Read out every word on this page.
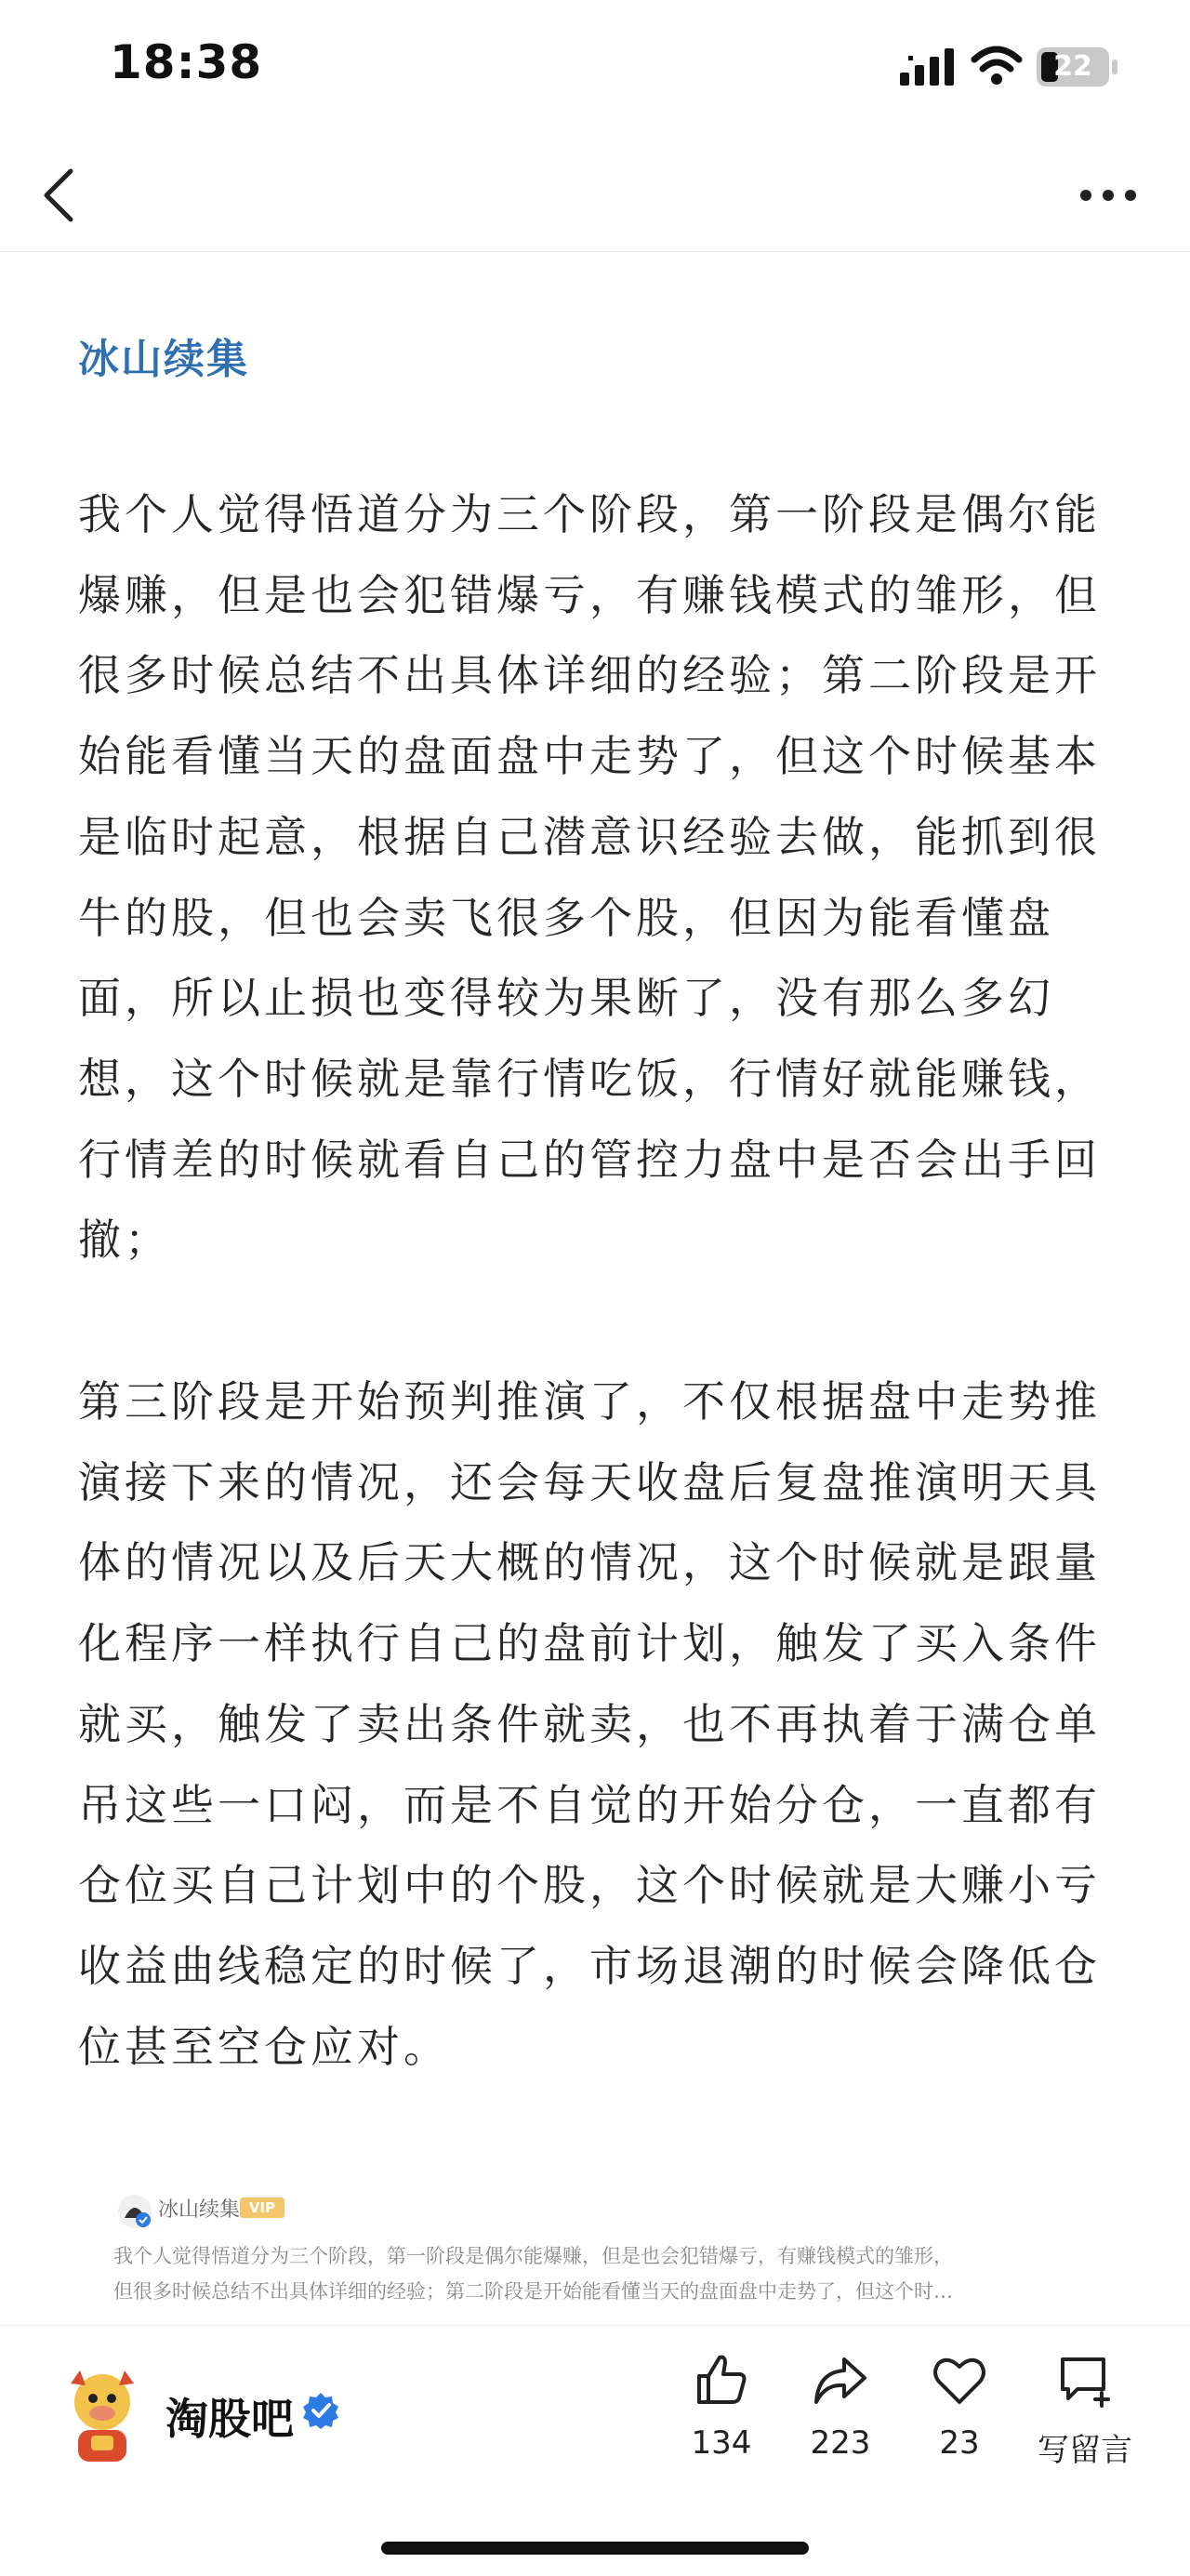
18:38	22
冰山续集

我个人觉得悟道分为三个阶段，第一阶段是偶尔能爆赚，但是也会犯错爆亏，有赚钱模式的雏形，但很多时候总结不出具体详细的经验；第二阶段是开始能看懂当天的盘面盘中走势了，但这个时候基本是临时起意，根据自己潜意识经验去做，能抓到很牛的股，但也会卖飞很多个股，但因为能看懂盘面，所以止损也变得较为果断了，没有那么多幻想，这个时候就是靠行情吃饭，行情好就能赚钱，行情差的时候就看自己的管控力盘中是否会出手回撤；

第三阶段是开始预判推演了，不仅根据盘中走势推演接下来的情况，还会每天收盘后复盘推演明天具体的情况以及后天大概的情况，这个时候就是跟量化程序一样执行自己的盘前计划，触发了买入条件就买，触发了卖出条件就卖，也不再执着于满仓单吊这些一口闷，而是不自觉的开始分仓，一直都有仓位买自己计划中的个股，这个时候就是大赚小亏收益曲线稳定的时候了，市场退潮的时候会降低仓位甚至空仓应对。

冰山续集 VIP
我个人觉得悟道分为三个阶段，第一阶段是偶尔能爆赚，但是也会犯错爆亏，有赚钱模式的雏形，
但很多时候总结不出具体详细的经验；第二阶段是开始能看懂当天的盘面盘中走势了，但这个时…
淘股吧	134	223	23	写留言
